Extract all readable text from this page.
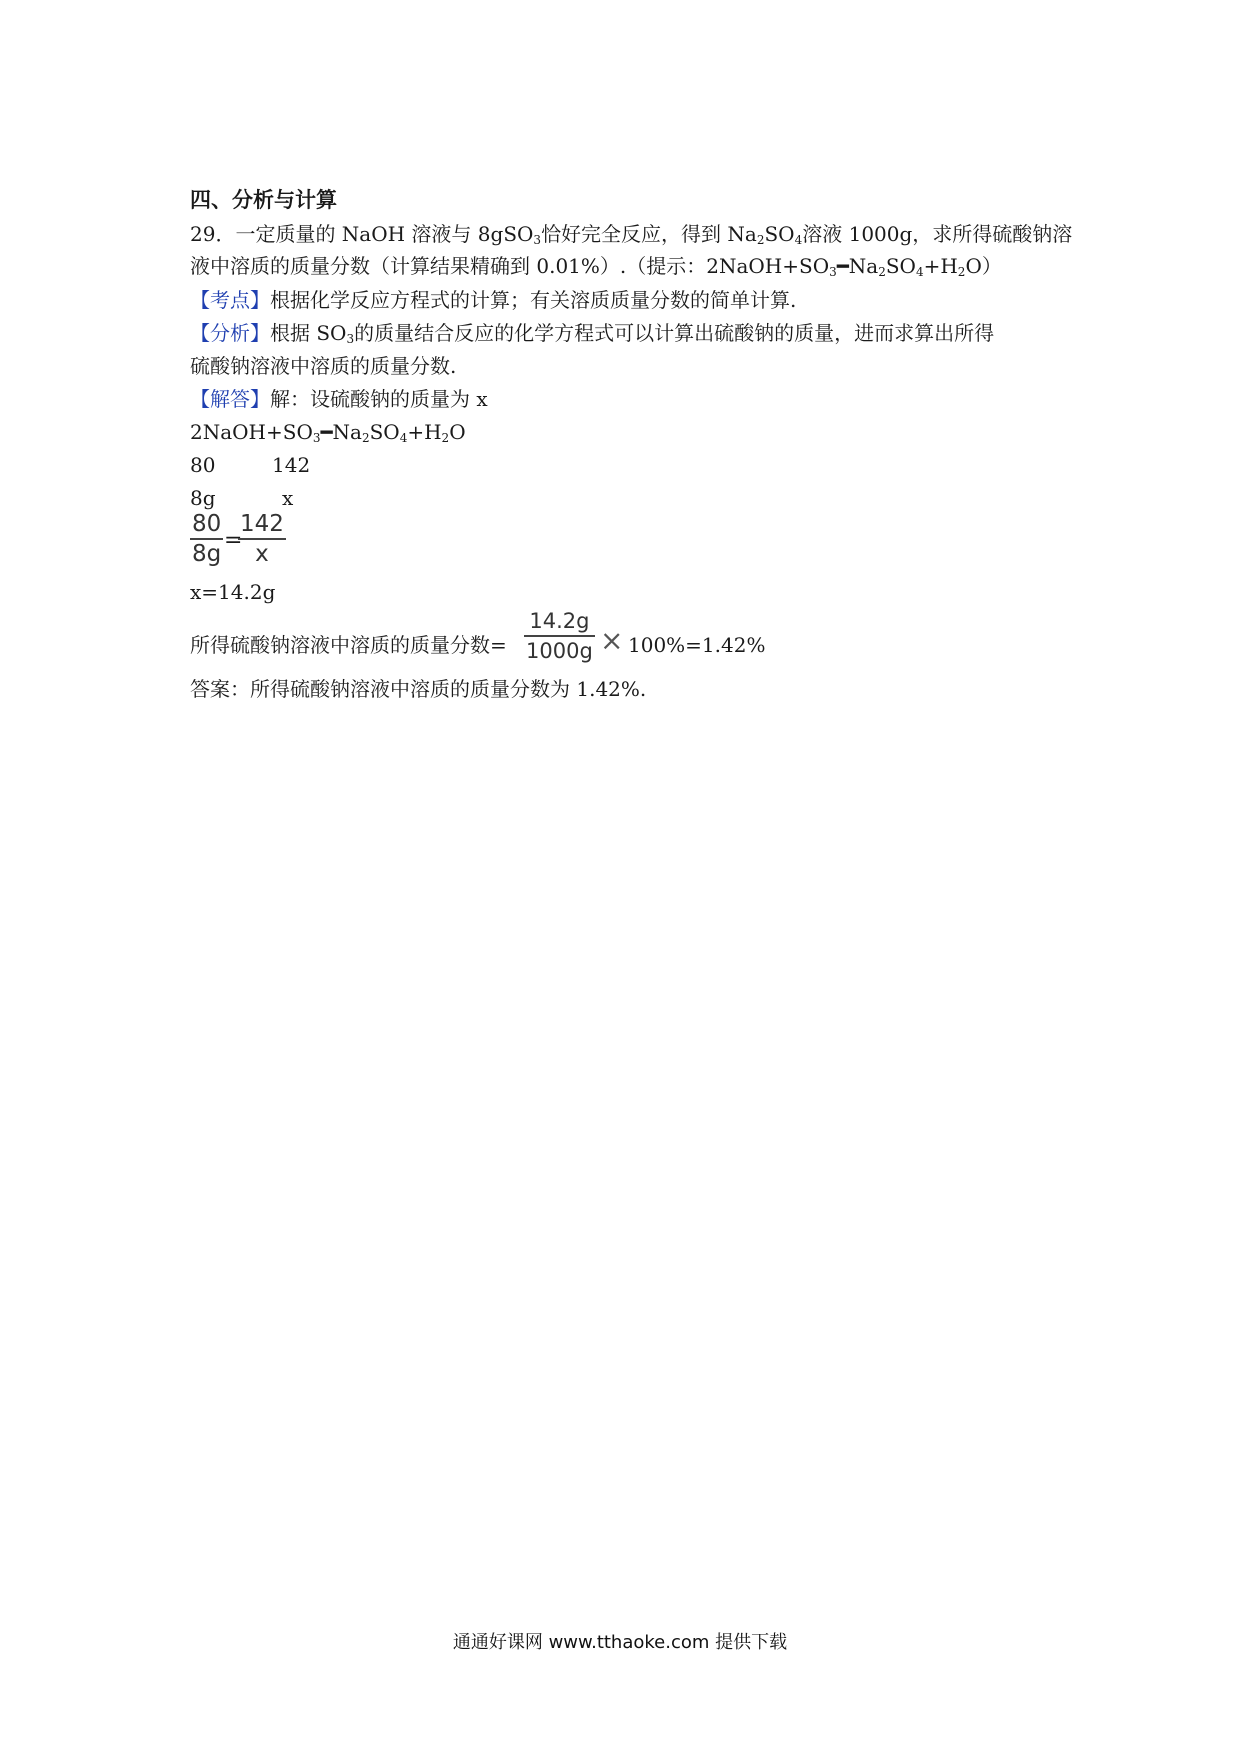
四、分析与计算
29．一定质量的 NaOH 溶液与 8gSO$_3$恰好完全反应，得到 $Na_2SO_4$溶液 1000g，求所得硫酸钠溶
液中溶质的质量分数（计算结果精确到 0.01%）.（提示：$2NaOH+SO_3━Na_2SO_4+H_2O$）
【考点】根据化学反应方程式的计算；有关溶质质量分数的简单计算.
【分析】根据 $SO_3$的质量结合反应的化学方程式可以计算出硫酸钠的质量，进而求算出所得
硫酸钠溶液中溶质的质量分数.
【解答】解：设硫酸钠的质量为 x
$2NaOH+SO_3━Na_2SO_4+H_2O$
80	142
8g	x
80
8g
=
142
x
x=14.2g
所得硫酸钠溶液中溶质的质量分数=
14.2g
1000g × 100%=1.42%
答案：所得硫酸钠溶液中溶质的质量分数为 1.42%.
通通好课网 www.tthaoke.com 提供下载
